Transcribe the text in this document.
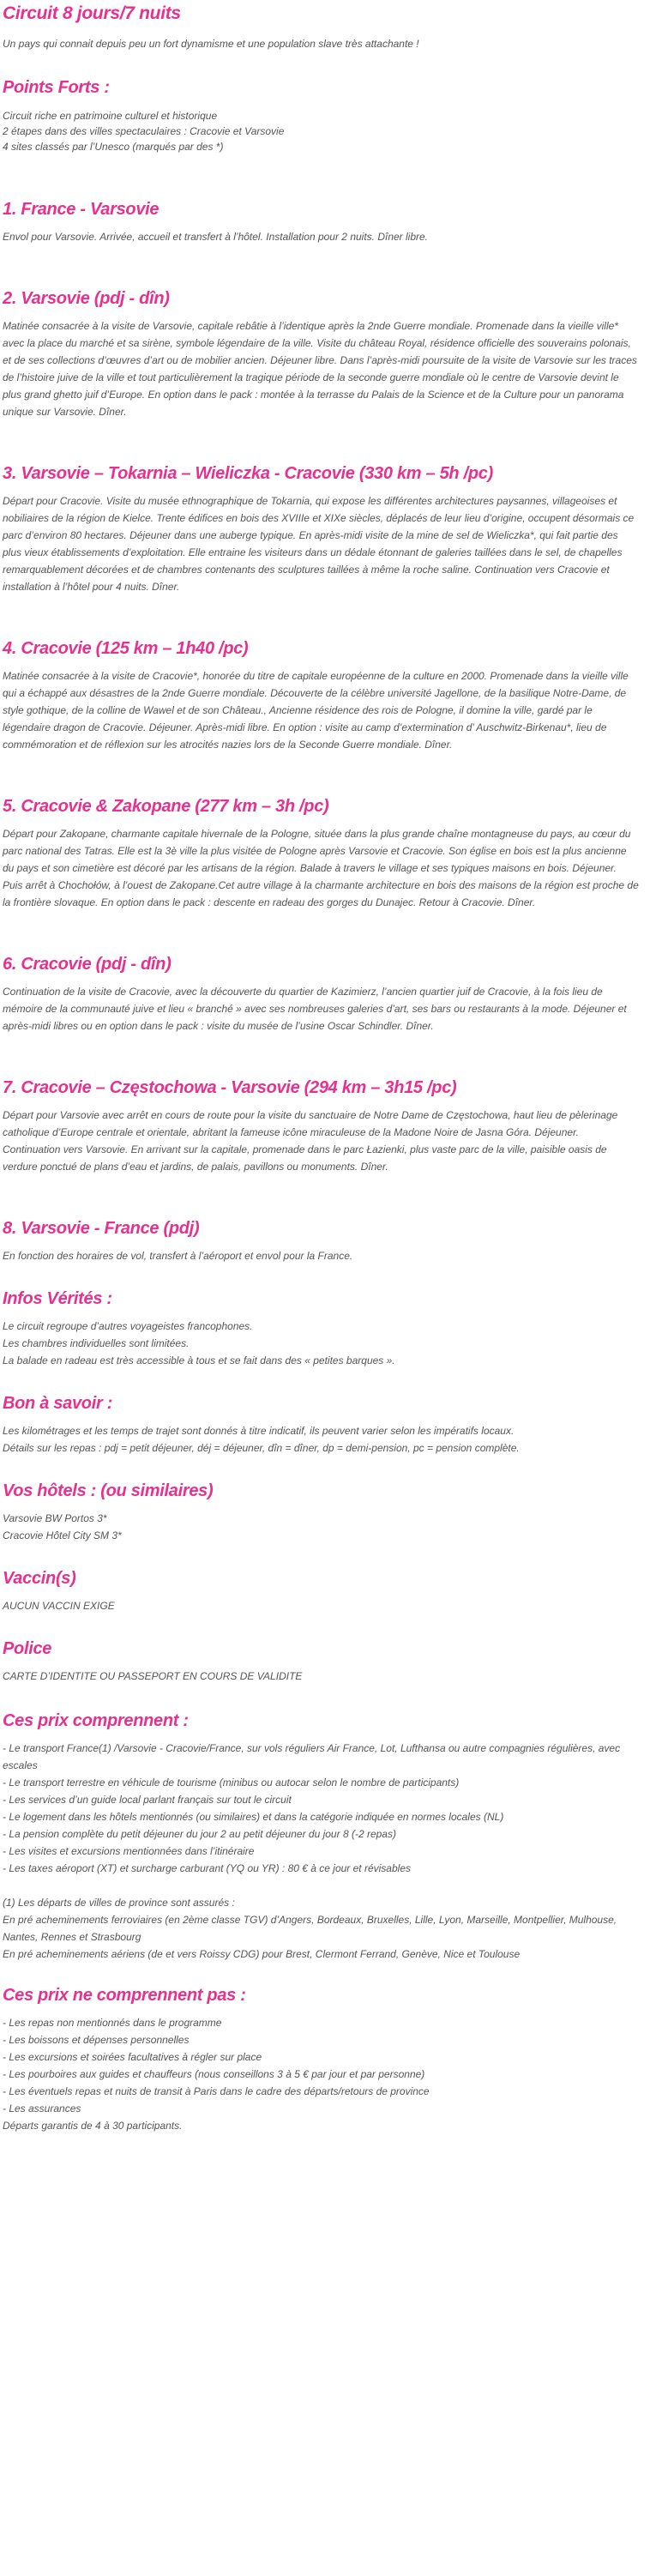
Circuit 8 jours/7 nuits

Un pays qui connait depuis peu un fort dynamisme et une population slave très attachante !

Points Forts :
Circuit riche en patrimoine culturel et historique
2 étapes dans des villes spectaculaires : Cracovie et Varsovie
4 sites classés par l’Unesco (marqués par des *)
1. France - Varsovie

Envol pour Varsovie. Arrivée, accueil et transfert à l’hôtel. Installation pour 2 nuits. Dîner libre.

2. Varsovie (pdj - dîn)

Matinée consacrée à la visite de Varsovie, capitale rebâtie à l’identique après la 2nde Guerre mondiale. Promenade dans la vieille ville* avec la place du marché et sa sirène, symbole légendaire de la ville. Visite du château Royal, résidence officielle des souverains polonais, et de ses collections d’œuvres d’art ou de mobilier ancien. Déjeuner libre. Dans l’après-midi poursuite de la visite de Varsovie sur les traces de l’histoire juive de la ville et tout particulièrement la tragique période de la seconde guerre mondiale où le centre de Varsovie devint le plus grand ghetto juif d’Europe. En option dans le pack : montée à la terrasse du Palais de la Science et de la Culture pour un panorama unique sur Varsovie. Dîner.

3. Varsovie – Tokarnia – Wieliczka - Cracovie (330 km – 5h /pc)

Départ pour Cracovie. Visite du musée ethnographique de Tokarnia, qui expose les différentes architectures paysannes, villageoises et nobiliaires de la région de Kielce. Trente édifices en bois des XVIIIe et XIXe siècles, déplacés de leur lieu d’origine, occupent désormais ce parc d’environ 80 hectares. Déjeuner dans une auberge typique. En après-midi visite de la mine de sel de Wieliczka*, qui fait partie des plus vieux établissements d’exploitation. Elle entraine les visiteurs dans un dédale étonnant de galeries taillées dans le sel, de chapelles remarquablement décorées et de chambres contenants des sculptures taillées à même la roche saline. Continuation vers Cracovie et installation à l’hôtel pour 4 nuits. Dîner.

4. Cracovie (125 km – 1h40 /pc)

Matinée consacrée à la visite de Cracovie*, honorée du titre de capitale européenne de la culture en 2000. Promenade dans la vieille ville qui a échappé aux désastres de la 2nde Guerre mondiale. Découverte de la célèbre université Jagellone, de la basilique Notre-Dame, de style gothique, de la colline de Wawel et de son Château., Ancienne résidence des rois de Pologne, il domine la ville, gardé par le légendaire dragon de Cracovie. Déjeuner. Après-midi libre. En option : visite au camp d’extermination d’ Auschwitz-Birkenau*, lieu de commémoration et de réflexion sur les atrocités nazies lors de la Seconde Guerre mondiale. Dîner.

5. Cracovie & Zakopane (277 km – 3h /pc)

Départ pour Zakopane, charmante capitale hivernale de la Pologne, située dans la plus grande chaîne montagneuse du pays, au cœur du parc national des Tatras. Elle est la 3è ville la plus visitée de Pologne après Varsovie et Cracovie. Son église en bois est la plus ancienne du pays et son cimetière est décoré par les artisans de la région. Balade à travers le village et ses typiques maisons en bois. Déjeuner. Puis arrêt à Chochołów, à l’ouest de Zakopane.Cet autre village à la charmante architecture en bois des maisons de la région est proche de la frontière slovaque. En option dans le pack : descente en radeau des gorges du Dunajec. Retour à Cracovie. Dîner.

6. Cracovie (pdj - dîn)

Continuation de la visite de Cracovie, avec la découverte du quartier de Kazimierz, l’ancien quartier juif de Cracovie, à la fois lieu de mémoire de la communauté juive et lieu « branché » avec ses nombreuses galeries d’art, ses bars ou restaurants à la mode. Déjeuner et après-midi libres ou en option dans le pack : visite du musée de l’usine Oscar Schindler. Dîner.

7. Cracovie – Częstochowa - Varsovie (294 km – 3h15 /pc)

Départ pour Varsovie avec arrêt en cours de route pour la visite du sanctuaire de Notre Dame de Częstochowa, haut lieu de pèlerinage catholique d’Europe centrale et orientale, abritant la fameuse icône miraculeuse de la Madone Noire de Jasna Góra. Déjeuner. Continuation vers Varsovie. En arrivant sur la capitale, promenade dans le parc Łazienki, plus vaste parc de la ville, paisible oasis de verdure ponctué de plans d’eau et jardins, de palais, pavillons ou monuments. Dîner.

8. Varsovie - France (pdj)

En fonction des horaires de vol, transfert à l’aéroport et envol pour la France.

Infos Vérités :
Le circuit regroupe d’autres voyageistes francophones.
Les chambres individuelles sont limitées.
La balade en radeau est très accessible à tous et se fait dans des « petites barques ».
Bon à savoir :
Les kilométrages et les temps de trajet sont donnés à titre indicatif, ils peuvent varier selon les impératifs locaux.
Détails sur les repas : pdj = petit déjeuner, déj = déjeuner, dîn = dîner, dp = demi-pension, pc = pension complète.
Vos hôtels : (ou similaires)
Varsovie BW Portos 3*
Cracovie Hôtel City SM 3*
Vaccin(s)

AUCUN VACCIN EXIGE

Police

CARTE D’IDENTITE OU PASSEPORT EN COURS DE VALIDITE

Ces prix comprennent :
- Le transport France(1) /Varsovie - Cracovie/France, sur vols réguliers Air France, Lot, Lufthansa ou autre compagnies régulières, avec escales
- Le transport terrestre en véhicule de tourisme (minibus ou autocar selon le nombre de participants)
- Les services d’un guide local parlant français sur tout le circuit
- Le logement dans les hôtels mentionnés (ou similaires) et dans la catégorie indiquée en normes locales (NL)
- La pension complète du petit déjeuner du jour 2 au petit déjeuner du jour 8 (-2 repas)
- Les visites et excursions mentionnées dans l’itinéraire
- Les taxes aéroport (XT) et surcharge carburant (YQ ou YR) : 80 € à ce jour et révisables
(1) Les départs de villes de province sont assurés :
En pré acheminements ferroviaires (en 2ème classe TGV) d’Angers, Bordeaux, Bruxelles, Lille, Lyon, Marseille, Montpellier, Mulhouse, Nantes, Rennes et Strasbourg
En pré acheminements aériens (de et vers Roissy CDG) pour Brest, Clermont Ferrand, Genève, Nice et Toulouse
Ces prix ne comprennent pas :
- Les repas non mentionnés dans le programme
- Les boissons et dépenses personnelles
- Les excursions et soirées facultatives à régler sur place
- Les pourboires aux guides et chauffeurs (nous conseillons 3 à 5 € par jour et par personne)
- Les éventuels repas et nuits de transit à Paris dans le cadre des départs/retours de province
- Les assurances
Départs garantis de 4 à 30 participants.
